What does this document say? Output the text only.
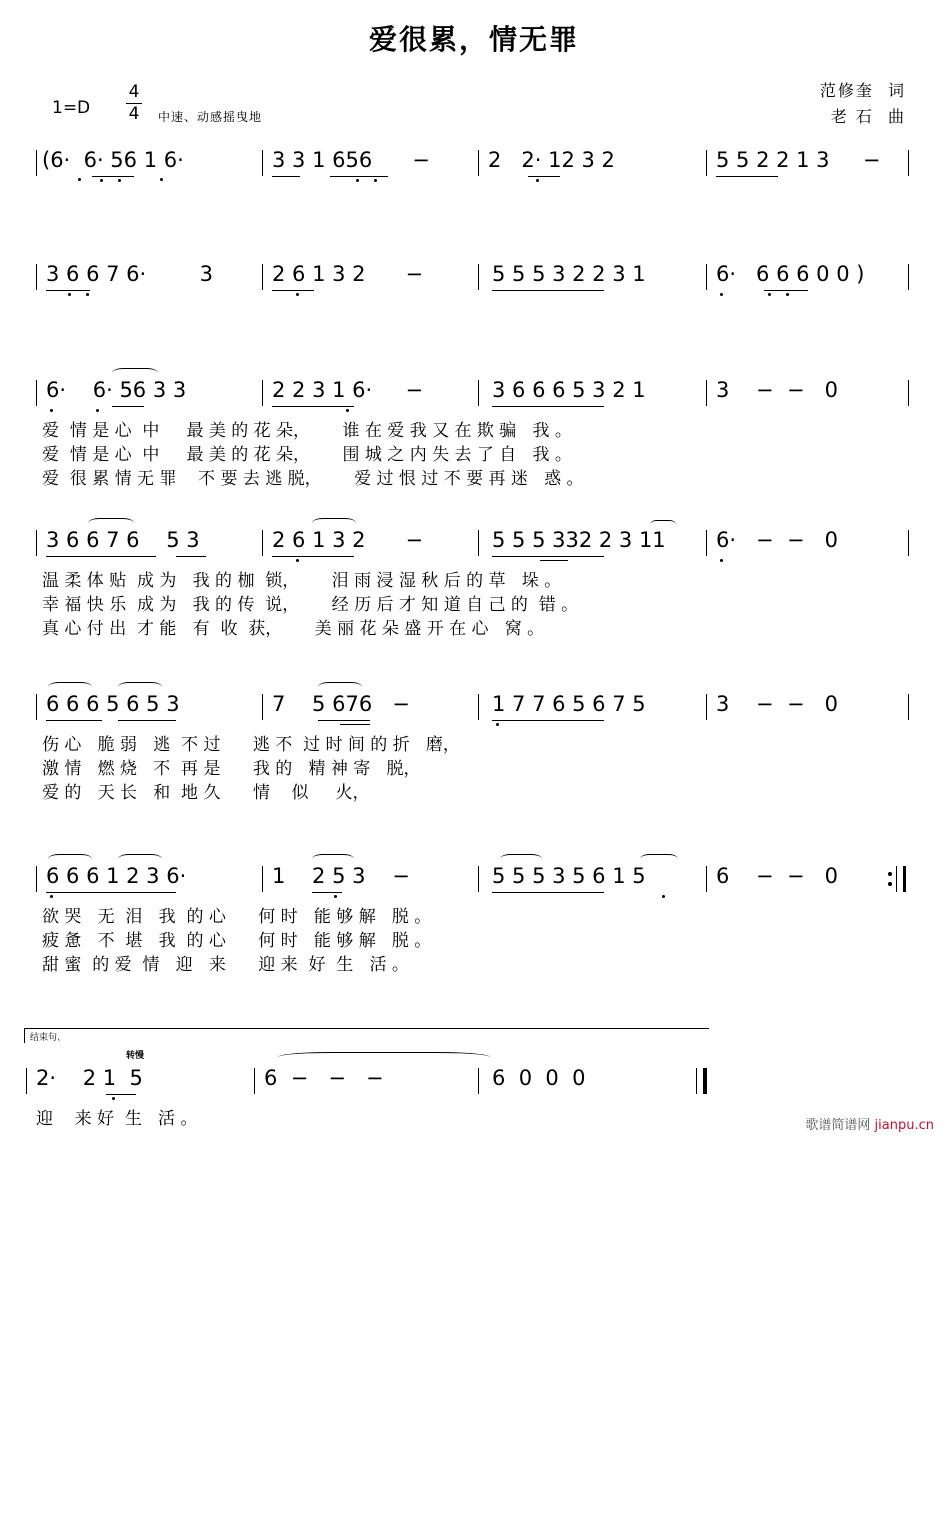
爱很累，情无罪
范修奎  词
老 石  曲
1=D
4
4	中速、动感摇曳地

(6·  6· 56 1 6·

	3 3 1 656      −

	2   2· 12 3 2

	5 5 2 2 1 3     −

3 6 6 7 6·        3

	2 6 1 3 2      −

	5 5 5 3 2 2 3 1

	6·   6 6 6 0 0 )

6·    6· 56 3 3

	2 2 3 1 6·     −

	3 6 6 6 5 3 2 1

	3    −  −   0

爱  情 是 心  中     最 美 的 花 朵，      谁 在 爱 我 又 在 欺 骗   我 。

爱  情 是 心  中     最 美 的 花 朵，      围 城 之 内 失 去 了 自   我 。

爱  很 累 情 无 罪    不 要 去 逃 脱，      爱 过 恨 过 不 要 再 迷   惑 。

3 6 6 7 6    5 3

	2 6 1 3 2      −

	5 5 5 332 2 3 11

6·   −  −   0

温 柔 体 贴  成 为   我 的 枷  锁，      泪 雨 浸 湿 秋 后 的 草   垛 。

幸 福 快 乐  成 为   我 的 传  说，      经 历 后 才 知 道 自 己 的  错 。

真 心 付 出  才 能   有  收  获，      美 丽 花 朵 盛 开 在 心   窝 。

6 6 6 5 6 5 3

	7    5 676   −

	1 7 7 6 5 6 7 5

	3    −  −   0

伤 心   脆 弱   逃  不 过      逃 不  过 时 间 的 折   磨，

激 情   燃 烧   不  再 是      我 的   精 神 寄   脱，

爱 的   天 长   和  地 久      情    似     火，

6 6 6 1 2 3 6·

	1    2 5 3    −

	5 5 5 3 5 6 1 5

	6    −  −   0

欲 哭   无  泪   我  的 心      何 时   能 够 解   脱 。

疲 惫   不  堪   我  的 心      何 时   能 够 解   脱 。

甜 蜜  的 爱  情   迎   来      迎 来  好  生   活 。

结束句、
转慢

2·    2 1  5

	6  −   −   −

	6  0  0  0

迎    来 好  生   活 。

	歌谱简谱网 jianpu.cn
